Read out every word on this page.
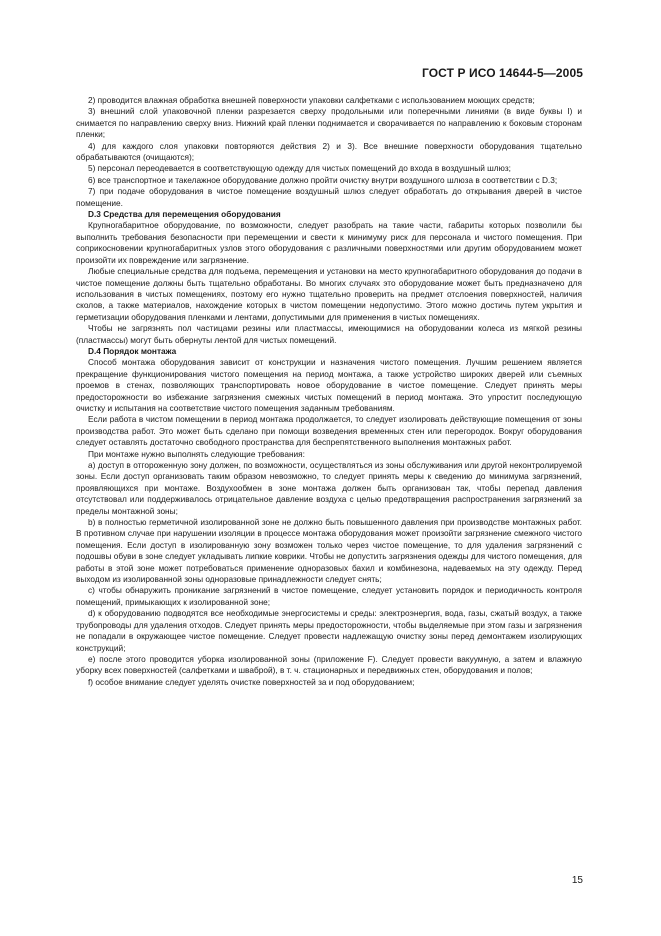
ГОСТ Р ИСО 14644-5—2005

2) проводится влажная обработка внешней поверхности упаковки салфетками с использованием моющих средств;

3) внешний слой упаковочной пленки разрезается сверху продольными или поперечными линиями (в виде буквы I) и снимается по направлению сверху вниз. Нижний край пленки поднимается и сворачивается по направлению к боковым сторонам пленки;

4) для каждого слоя упаковки повторяются действия 2) и 3). Все внешние поверхности оборудования тщательно обрабатываются (очищаются);

5) персонал переодевается в соответствующую одежду для чистых помещений до входа в воздушный шлюз;

6) все транспортное и такелажное оборудование должно пройти очистку внутри воздушного шлюза в соответствии с D.3;

7) при подаче оборудования в чистое помещение воздушный шлюз следует обработать до открывания дверей в чистое помещение.

D.3 Средства для перемещения оборудования

Крупногабаритное оборудование, по возможности, следует разобрать на такие части, габариты которых позволили бы выполнить требования безопасности при перемещении и свести к минимуму риск для персонала и чистого помещения. При соприкосновении крупногабаритных узлов этого оборудования с различными поверхностями или другим оборудованием может произойти их повреждение или загрязнение.

Любые специальные средства для подъема, перемещения и установки на место крупногабаритного оборудования до подачи в чистое помещение должны быть тщательно обработаны. Во многих случаях это оборудование может быть предназначено для использования в чистых помещениях, поэтому его нужно тщательно проверить на предмет отслоения поверхностей, наличия сколов, а также материалов, нахождение которых в чистом помещении недопустимо. Этого можно достичь путем укрытия и герметизации оборудования пленками и лентами, допустимыми для применения в чистых помещениях.

Чтобы не загрязнять пол частицами резины или пластмассы, имеющимися на оборудовании колеса из мягкой резины (пластмассы) могут быть обернуты лентой для чистых помещений.

D.4 Порядок монтажа

Способ монтажа оборудования зависит от конструкции и назначения чистого помещения. Лучшим решением является прекращение функционирования чистого помещения на период монтажа, а также устройство широких дверей или съемных проемов в стенах, позволяющих транспортировать новое оборудование в чистое помещение. Следует принять меры предосторожности во избежание загрязнения смежных чистых помещений в период монтажа. Это упростит последующую очистку и испытания на соответствие чистого помещения заданным требованиям.

Если работа в чистом помещении в период монтажа продолжается, то следует изолировать действующие помещения от зоны производства работ. Это может быть сделано при помощи возведения временных стен или перегородок. Вокруг оборудования следует оставлять достаточно свободного пространства для беспрепятственного выполнения монтажных работ.

При монтаже нужно выполнять следующие требования:

a) доступ в отгороженную зону должен, по возможности, осуществляться из зоны обслуживания или другой неконтролируемой зоны. Если доступ организовать таким образом невозможно, то следует принять меры к сведению до минимума загрязнений, проявляющихся при монтаже. Воздухообмен в зоне монтажа должен быть организован так, чтобы перепад давления отсутствовал или поддерживалось отрицательное давление воздуха с целью предотвращения распространения загрязнений за пределы монтажной зоны;

b) в полностью герметичной изолированной зоне не должно быть повышенного давления при производстве монтажных работ. В противном случае при нарушении изоляции в процессе монтажа оборудования может произойти загрязнение смежного чистого помещения. Если доступ в изолированную зону возможен только через чистое помещение, то для удаления загрязнений с подошвы обуви в зоне следует укладывать липкие коврики. Чтобы не допустить загрязнения одежды для чистого помещения, для работы в этой зоне может потребоваться применение одноразовых бахил и комбинезона, надеваемых на эту одежду. Перед выходом из изолированной зоны одноразовые принадлежности следует снять;

c) чтобы обнаружить проникание загрязнений в чистое помещение, следует установить порядок и периодичность контроля помещений, примыкающих к изолированной зоне;

d) к оборудованию подводятся все необходимые энергосистемы и среды: электроэнергия, вода, газы, сжатый воздух, а также трубопроводы для удаления отходов. Следует принять меры предосторожности, чтобы выделяемые при этом газы и загрязнения не попадали в окружающее чистое помещение. Следует провести надлежащую очистку зоны перед демонтажем изолирующих конструкций;

e) после этого проводится уборка изолированной зоны (приложение F). Следует провести вакуумную, а затем и влажную уборку всех поверхностей (салфетками и шваброй), в т. ч. стационарных и передвижных стен, оборудования и полов;

f) особое внимание следует уделять очистке поверхностей за и под оборудованием;

15
